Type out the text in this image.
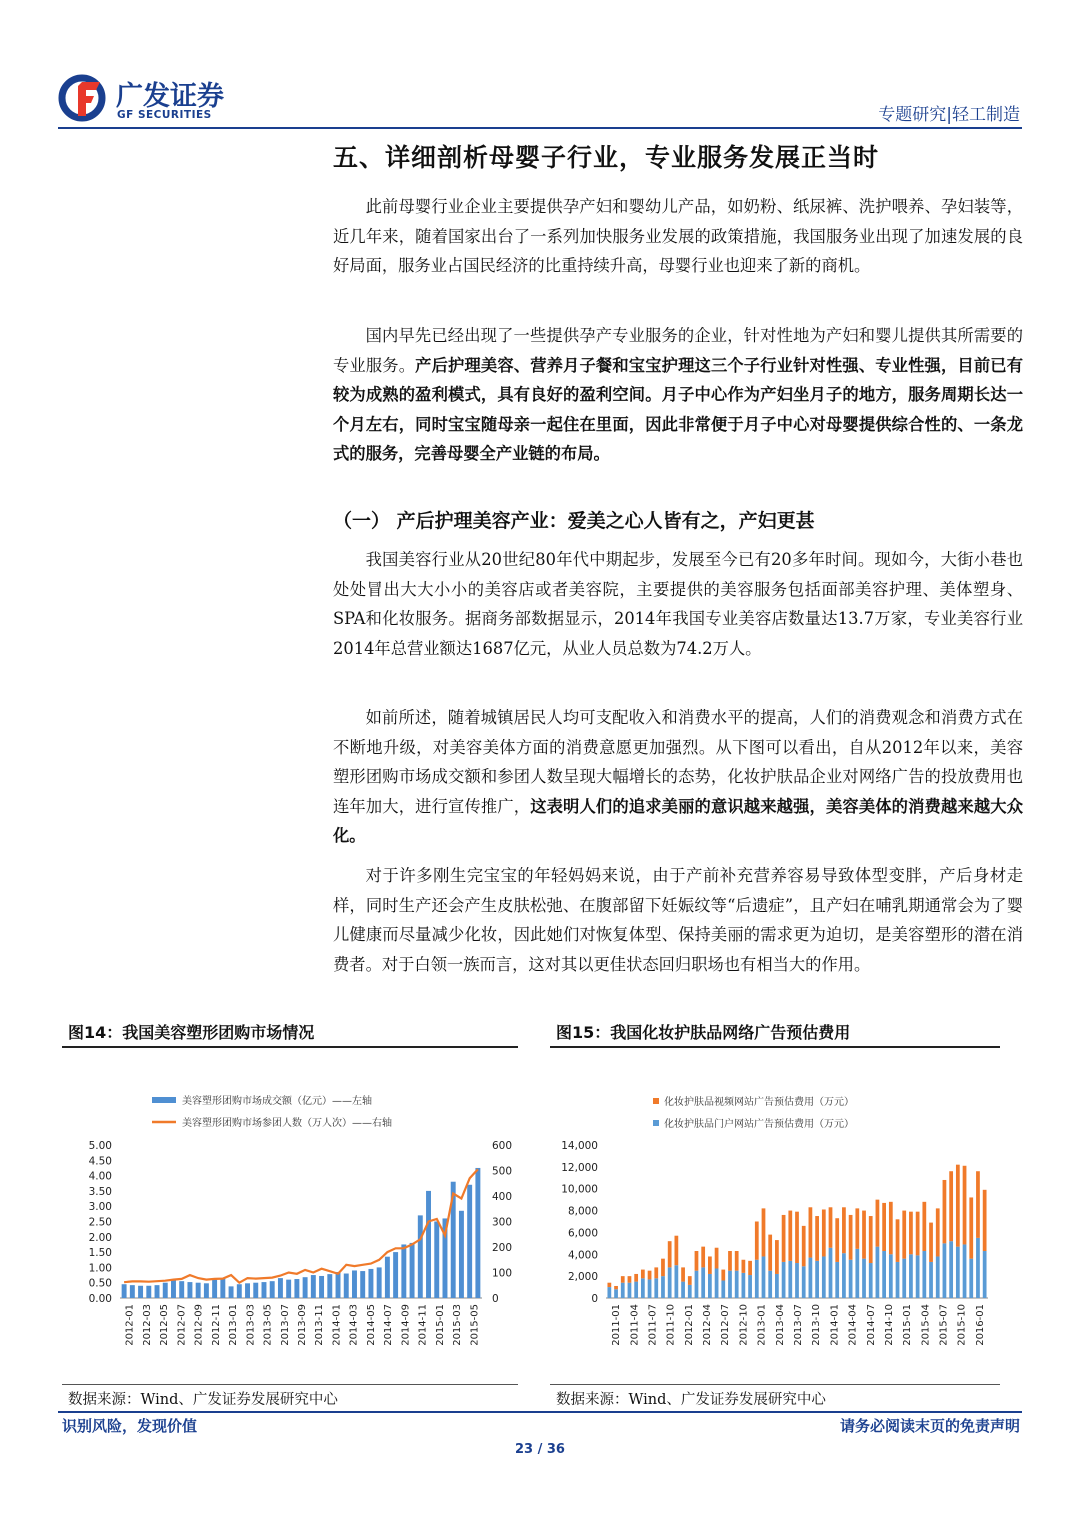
广发证券
GF SECURITIES	专题研究|轻工制造
五、详细剖析母婴子行业，专业服务发展正当时

此前母婴行业企业主要提供孕产妇和婴幼儿产品，如奶粉、纸尿裤、洗护喂养、孕妇装等，近几年来，随着国家出台了一系列加快服务业发展的政策措施，我国服务业出现了加速发展的良好局面，服务业占国民经济的比重持续升高，母婴行业也迎来了新的商机。

国内早先已经出现了一些提供孕产专业服务的企业，针对性地为产妇和婴儿提供其所需要的专业服务。产后护理美容、营养月子餐和宝宝护理这三个子行业针对性强、专业性强，目前已有较为成熟的盈利模式，具有良好的盈利空间。月子中心作为产妇坐月子的地方，服务周期长达一个月左右，同时宝宝随母亲一起住在里面，因此非常便于月子中心对母婴提供综合性的、一条龙式的服务，完善母婴全产业链的布局。

（一） 产后护理美容产业：爱美之心人皆有之，产妇更甚

我国美容行业从20世纪80年代中期起步，发展至今已有20多年时间。现如今，大街小巷也处处冒出大大小小的美容店或者美容院，主要提供的美容服务包括面部美容护理、美体塑身、SPA和化妆服务。据商务部数据显示，2014年我国专业美容店数量达13.7万家，专业美容行业2014年总营业额达1687亿元，从业人员总数为74.2万人。

如前所述，随着城镇居民人均可支配收入和消费水平的提高，人们的消费观念和消费方式在不断地升级，对美容美体方面的消费意愿更加强烈。从下图可以看出，自从2012年以来，美容塑形团购市场成交额和参团人数呈现大幅增长的态势，化妆护肤品企业对网络广告的投放费用也连年加大，进行宣传推广，这表明人们的追求美丽的意识越来越强，美容美体的消费越来越大众化。

对于许多刚生完宝宝的年轻妈妈来说，由于产前补充营养容易导致体型变胖，产后身材走样，同时生产还会产生皮肤松弛、在腹部留下妊娠纹等“后遗症”，且产妇在哺乳期通常会为了婴儿健康而尽量减少化妆，因此她们对恢复体型、保持美丽的需求更为迫切，是美容塑形的潜在消费者。对于白领一族而言，这对其以更佳状态回归职场也有相当大的作用。

图14：我国美容塑形团购市场情况
美容塑形团购市场成交额（亿元）——左轴
美容塑形团购市场参团人数（万人次）——右轴
0.00
0.50
1.00
1.50
2.00
2.50
3.00
3.50
4.00
4.50
5.00
0
100
200
300
400
500
600
2012-01 2012-03 2012-05 2012-07 2012-09 2012-11 2013-01 2013-03 2013-05 2013-07 2013-09 2013-11 2014-01 2014-03 2014-05 2014-07 2014-09 2014-11 2015-01 2015-03 2015-05
数据来源：Wind、广发证券发展研究中心
图15：我国化妆护肤品网络广告预估费用
化妆护肤品视频网站广告预估费用（万元）
化妆护肤品门户网站广告预估费用（万元）
0
2,000
4,000
6,000
8,000
10,000
12,000
14,000
2011-01 2011-04 2011-07 2011-10 2012-01 2012-04 2012-07 2012-10 2013-01 2013-04 2013-07 2013-10 2014-01 2014-04 2014-07 2014-10 2015-01 2015-04 2015-07 2015-10 2016-01
数据来源：Wind、广发证券发展研究中心
识别风险，发现价值	请务必阅读末页的免责声明
23 / 36
